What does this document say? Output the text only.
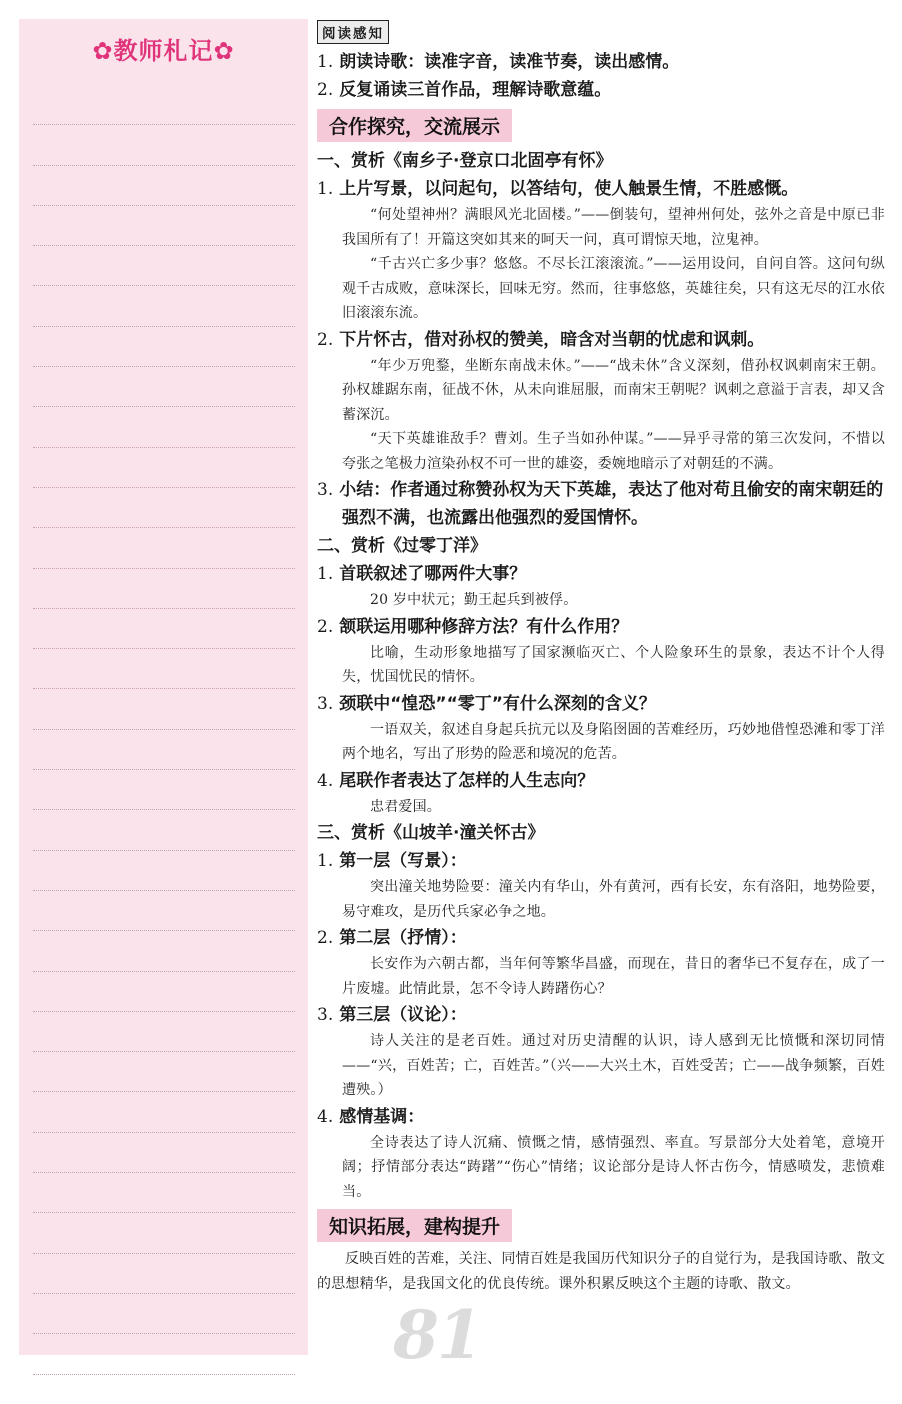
✿教师札记✿
81
阅读感知
1. 朗读诗歌：读准字音，读准节奏，读出感情。
2. 反复诵读三首作品，理解诗歌意蕴。
合作探究，交流展示
一、赏析《南乡子·登京口北固亭有怀》
1. 上片写景，以问起句，以答结句，使人触景生情，不胜感慨。
“何处望神州？满眼风光北固楼。”——倒装句，望神州何处，弦外之音是中原已非我国所有了！开篇这突如其来的呵天一问，真可谓惊天地，泣鬼神。
“千古兴亡多少事？悠悠。不尽长江滚滚流。”——运用设问，自问自答。这问句纵观千古成败，意味深长，回味无穷。然而，往事悠悠，英雄往矣，只有这无尽的江水依旧滚滚东流。
2. 下片怀古，借对孙权的赞美，暗含对当朝的忧虑和讽刺。
“年少万兜鍪，坐断东南战未休。”——“战未休”含义深刻，借孙权讽刺南宋王朝。孙权雄踞东南，征战不休，从未向谁屈服，而南宋王朝呢？讽刺之意溢于言表，却又含蓄深沉。
“天下英雄谁敌手？曹刘。生子当如孙仲谋。”——异乎寻常的第三次发问，不惜以夸张之笔极力渲染孙权不可一世的雄姿，委婉地暗示了对朝廷的不满。
3. 小结：作者通过称赞孙权为天下英雄，表达了他对苟且偷安的南宋朝廷的强烈不满，也流露出他强烈的爱国情怀。
二、赏析《过零丁洋》
1. 首联叙述了哪两件大事？
20 岁中状元；勤王起兵到被俘。
2. 颔联运用哪种修辞方法？有什么作用？
比喻，生动形象地描写了国家濒临灭亡、个人险象环生的景象，表达不计个人得失，忧国忧民的情怀。
3. 颈联中“惶恐”“零丁”有什么深刻的含义？
一语双关，叙述自身起兵抗元以及身陷囹圄的苦难经历，巧妙地借惶恐滩和零丁洋两个地名，写出了形势的险恶和境况的危苦。
4. 尾联作者表达了怎样的人生志向？
忠君爱国。
三、赏析《山坡羊·潼关怀古》
1. 第一层（写景）：
突出潼关地势险要：潼关内有华山，外有黄河，西有长安，东有洛阳，地势险要，易守难攻，是历代兵家必争之地。
2. 第二层（抒情）：
长安作为六朝古都，当年何等繁华昌盛，而现在，昔日的奢华已不复存在，成了一片废墟。此情此景，怎不令诗人踌躇伤心？
3. 第三层（议论）：
诗人关注的是老百姓。通过对历史清醒的认识，诗人感到无比愤慨和深切同情——“兴，百姓苦；亡，百姓苦。”（兴——大兴土木，百姓受苦；亡——战争频繁，百姓遭殃。）
4. 感情基调：
全诗表达了诗人沉痛、愤慨之情，感情强烈、率直。写景部分大处着笔，意境开阔；抒情部分表达“踌躇”“伤心”情绪；议论部分是诗人怀古伤今，情感喷发，悲愤难当。
知识拓展，建构提升
反映百姓的苦难，关注、同情百姓是我国历代知识分子的自觉行为，是我国诗歌、散文的思想精华，是我国文化的优良传统。课外积累反映这个主题的诗歌、散文。
